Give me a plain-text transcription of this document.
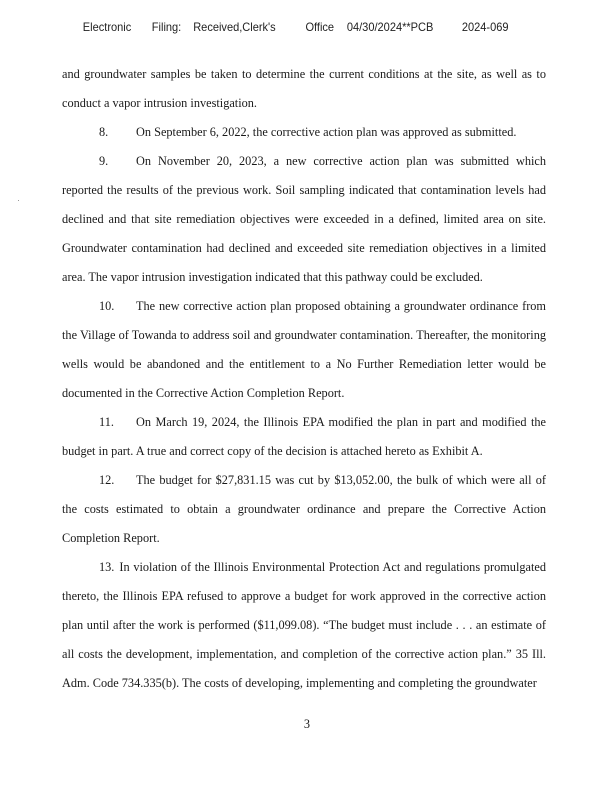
Electronic Filing: Received,Clerk's Office 04/30/2024**PCB 2024-069

and groundwater samples be taken to determine the current conditions at the site, as well as to conduct a vapor intrusion investigation.

8. On September 6, 2022, the corrective action plan was approved as submitted.

9. On November 20, 2023, a new corrective action plan was submitted which reported the results of the previous work. Soil sampling indicated that contamination levels had declined and that site remediation objectives were exceeded in a defined, limited area on site. Groundwater contamination had declined and exceeded site remediation objectives in a limited area. The vapor intrusion investigation indicated that this pathway could be excluded.

10. The new corrective action plan proposed obtaining a groundwater ordinance from the Village of Towanda to address soil and groundwater contamination. Thereafter, the monitoring wells would be abandoned and the entitlement to a No Further Remediation letter would be documented in the Corrective Action Completion Report.

11. On March 19, 2024, the Illinois EPA modified the plan in part and modified the budget in part. A true and correct copy of the decision is attached hereto as Exhibit A.

12. The budget for $27,831.15 was cut by $13,052.00, the bulk of which were all of the costs estimated to obtain a groundwater ordinance and prepare the Corrective Action Completion Report.

13. In violation of the Illinois Environmental Protection Act and regulations promulgated thereto, the Illinois EPA refused to approve a budget for work approved in the corrective action plan until after the work is performed ($11,099.08). “The budget must include . . . an estimate of all costs the development, implementation, and completion of the corrective action plan.” 35 Ill. Adm. Code 734.335(b). The costs of developing, implementing and completing the groundwater

3
